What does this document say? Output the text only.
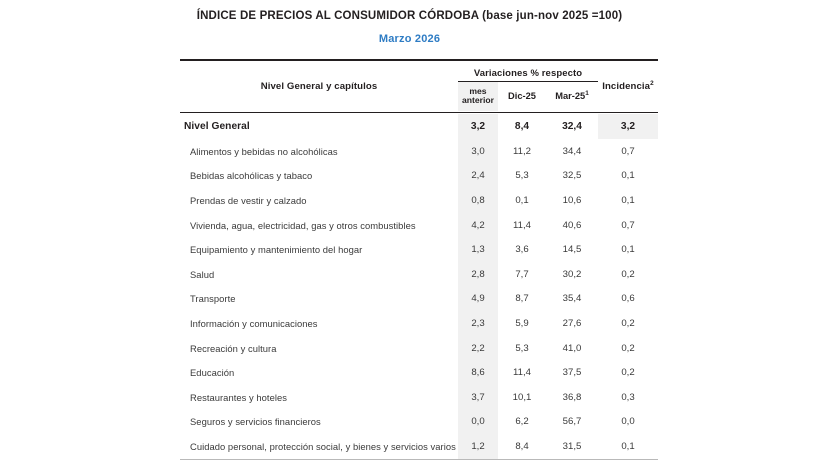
ÍNDICE DE PRECIOS AL CONSUMIDOR CÓRDOBA (base jun-nov 2025 =100)
Marzo 2026

Nivel General y capítulos	Variaciones % respecto			Incidencia$^2$
	mes
anterior	Dic-25	Mar-$25^1$	

Nivel General	3,2	8,4	32,4		3,2
Alimentos y bebidas no alcohólicas	3,0	11,2	34,4		0,7
Bebidas alcohólicas y tabaco	2,4	5,3	32,5		0,1
Prendas de vestir y calzado	0,8	0,1	10,6		0,1
Vivienda, agua, electricidad, gas y otros combustibles	4,2	11,4	40,6		0,7
Equipamiento y mantenimiento del hogar	1,3	3,6	14,5		0,1
Salud	2,8	7,7	30,2		0,2
Transporte	4,9	8,7	35,4		0,6
Información y comunicaciones	2,3	5,9	27,6		0,2
Recreación y cultura	2,2	5,3	41,0		0,2
Educación	8,6	11,4	37,5		0,2
Restaurantes y hoteles	3,7	10,1	36,8		0,3
Seguros y servicios financieros	0,0	6,2	56,7		0,0
Cuidado personal, protección social, y bienes y servicios varios	1,2	8,4	31,5		0,1
